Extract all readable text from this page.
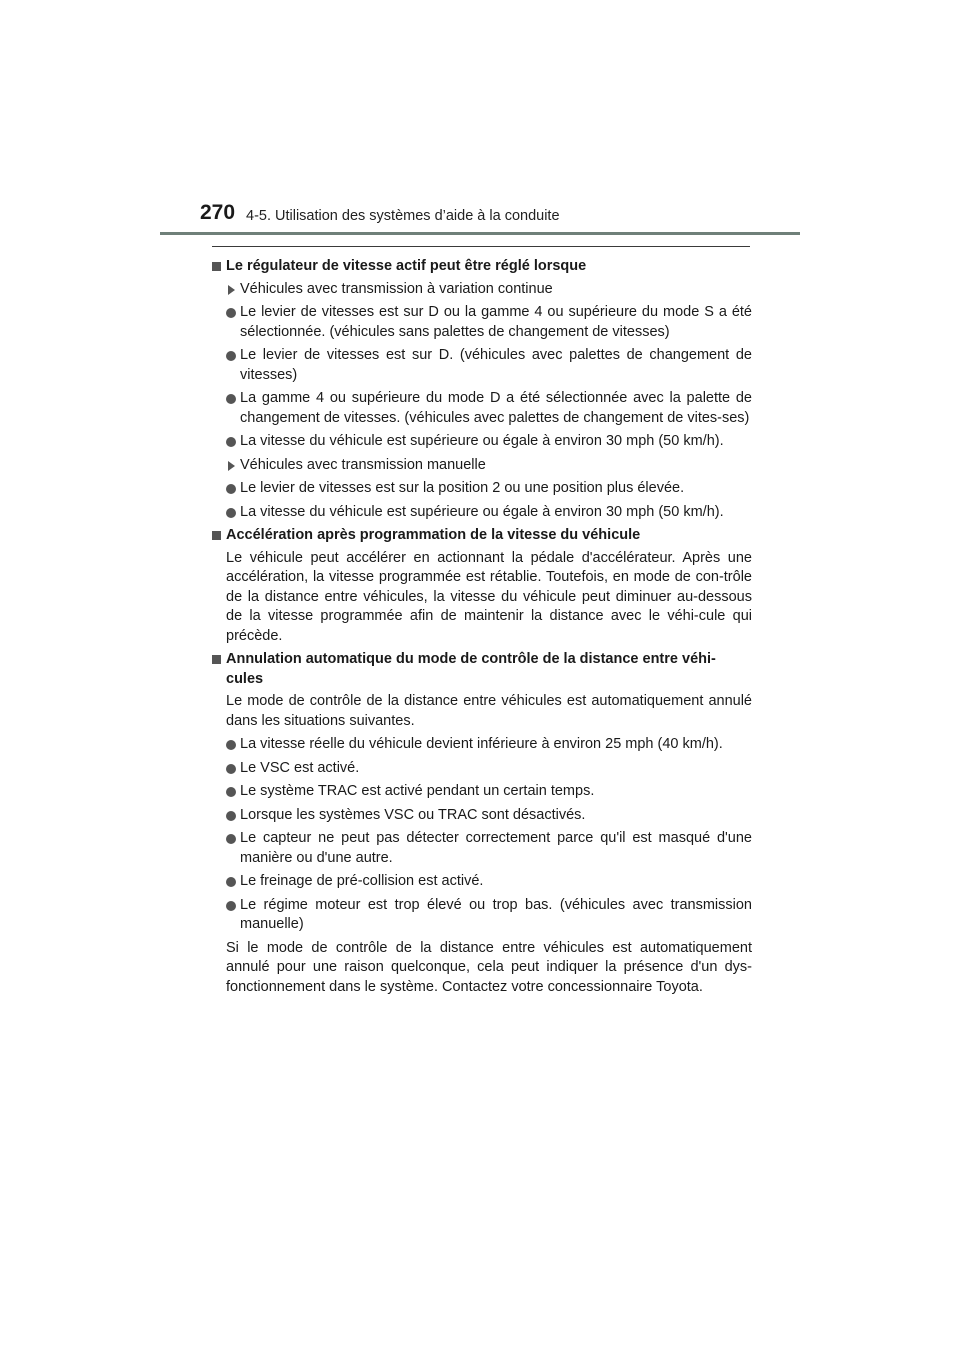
270 4-5. Utilisation des systèmes d’aide à la conduite
Le régulateur de vitesse actif peut être réglé lorsque
Véhicules avec transmission à variation continue
Le levier de vitesses est sur D ou la gamme 4 ou supérieure du mode S a été sélectionnée. (véhicules sans palettes de changement de vitesses)
Le levier de vitesses est sur D. (véhicules avec palettes de changement de vitesses)
La gamme 4 ou supérieure du mode D a été sélectionnée avec la palette de changement de vitesses. (véhicules avec palettes de changement de vites-ses)
La vitesse du véhicule est supérieure ou égale à environ 30 mph (50 km/h).
Véhicules avec transmission manuelle
Le levier de vitesses est sur la position 2 ou une position plus élevée.
La vitesse du véhicule est supérieure ou égale à environ 30 mph (50 km/h).
Accélération après programmation de la vitesse du véhicule
Le véhicule peut accélérer en actionnant la pédale d'accélérateur. Après une accélération, la vitesse programmée est rétablie. Toutefois, en mode de con-trôle de la distance entre véhicules, la vitesse du véhicule peut diminuer au-dessous de la vitesse programmée afin de maintenir la distance avec le véhi-cule qui précède.
Annulation automatique du mode de contrôle de la distance entre véhi-cules
Le mode de contrôle de la distance entre véhicules est automatiquement annulé dans les situations suivantes.
La vitesse réelle du véhicule devient inférieure à environ 25 mph (40 km/h).
Le VSC est activé.
Le système TRAC est activé pendant un certain temps.
Lorsque les systèmes VSC ou TRAC sont désactivés.
Le capteur ne peut pas détecter correctement parce qu'il est masqué d'une manière ou d'une autre.
Le freinage de pré-collision est activé.
Le régime moteur est trop élevé ou trop bas. (véhicules avec transmission manuelle)
Si le mode de contrôle de la distance entre véhicules est automatiquement annulé pour une raison quelconque, cela peut indiquer la présence d'un dys-fonctionnement dans le système. Contactez votre concessionnaire Toyota.
